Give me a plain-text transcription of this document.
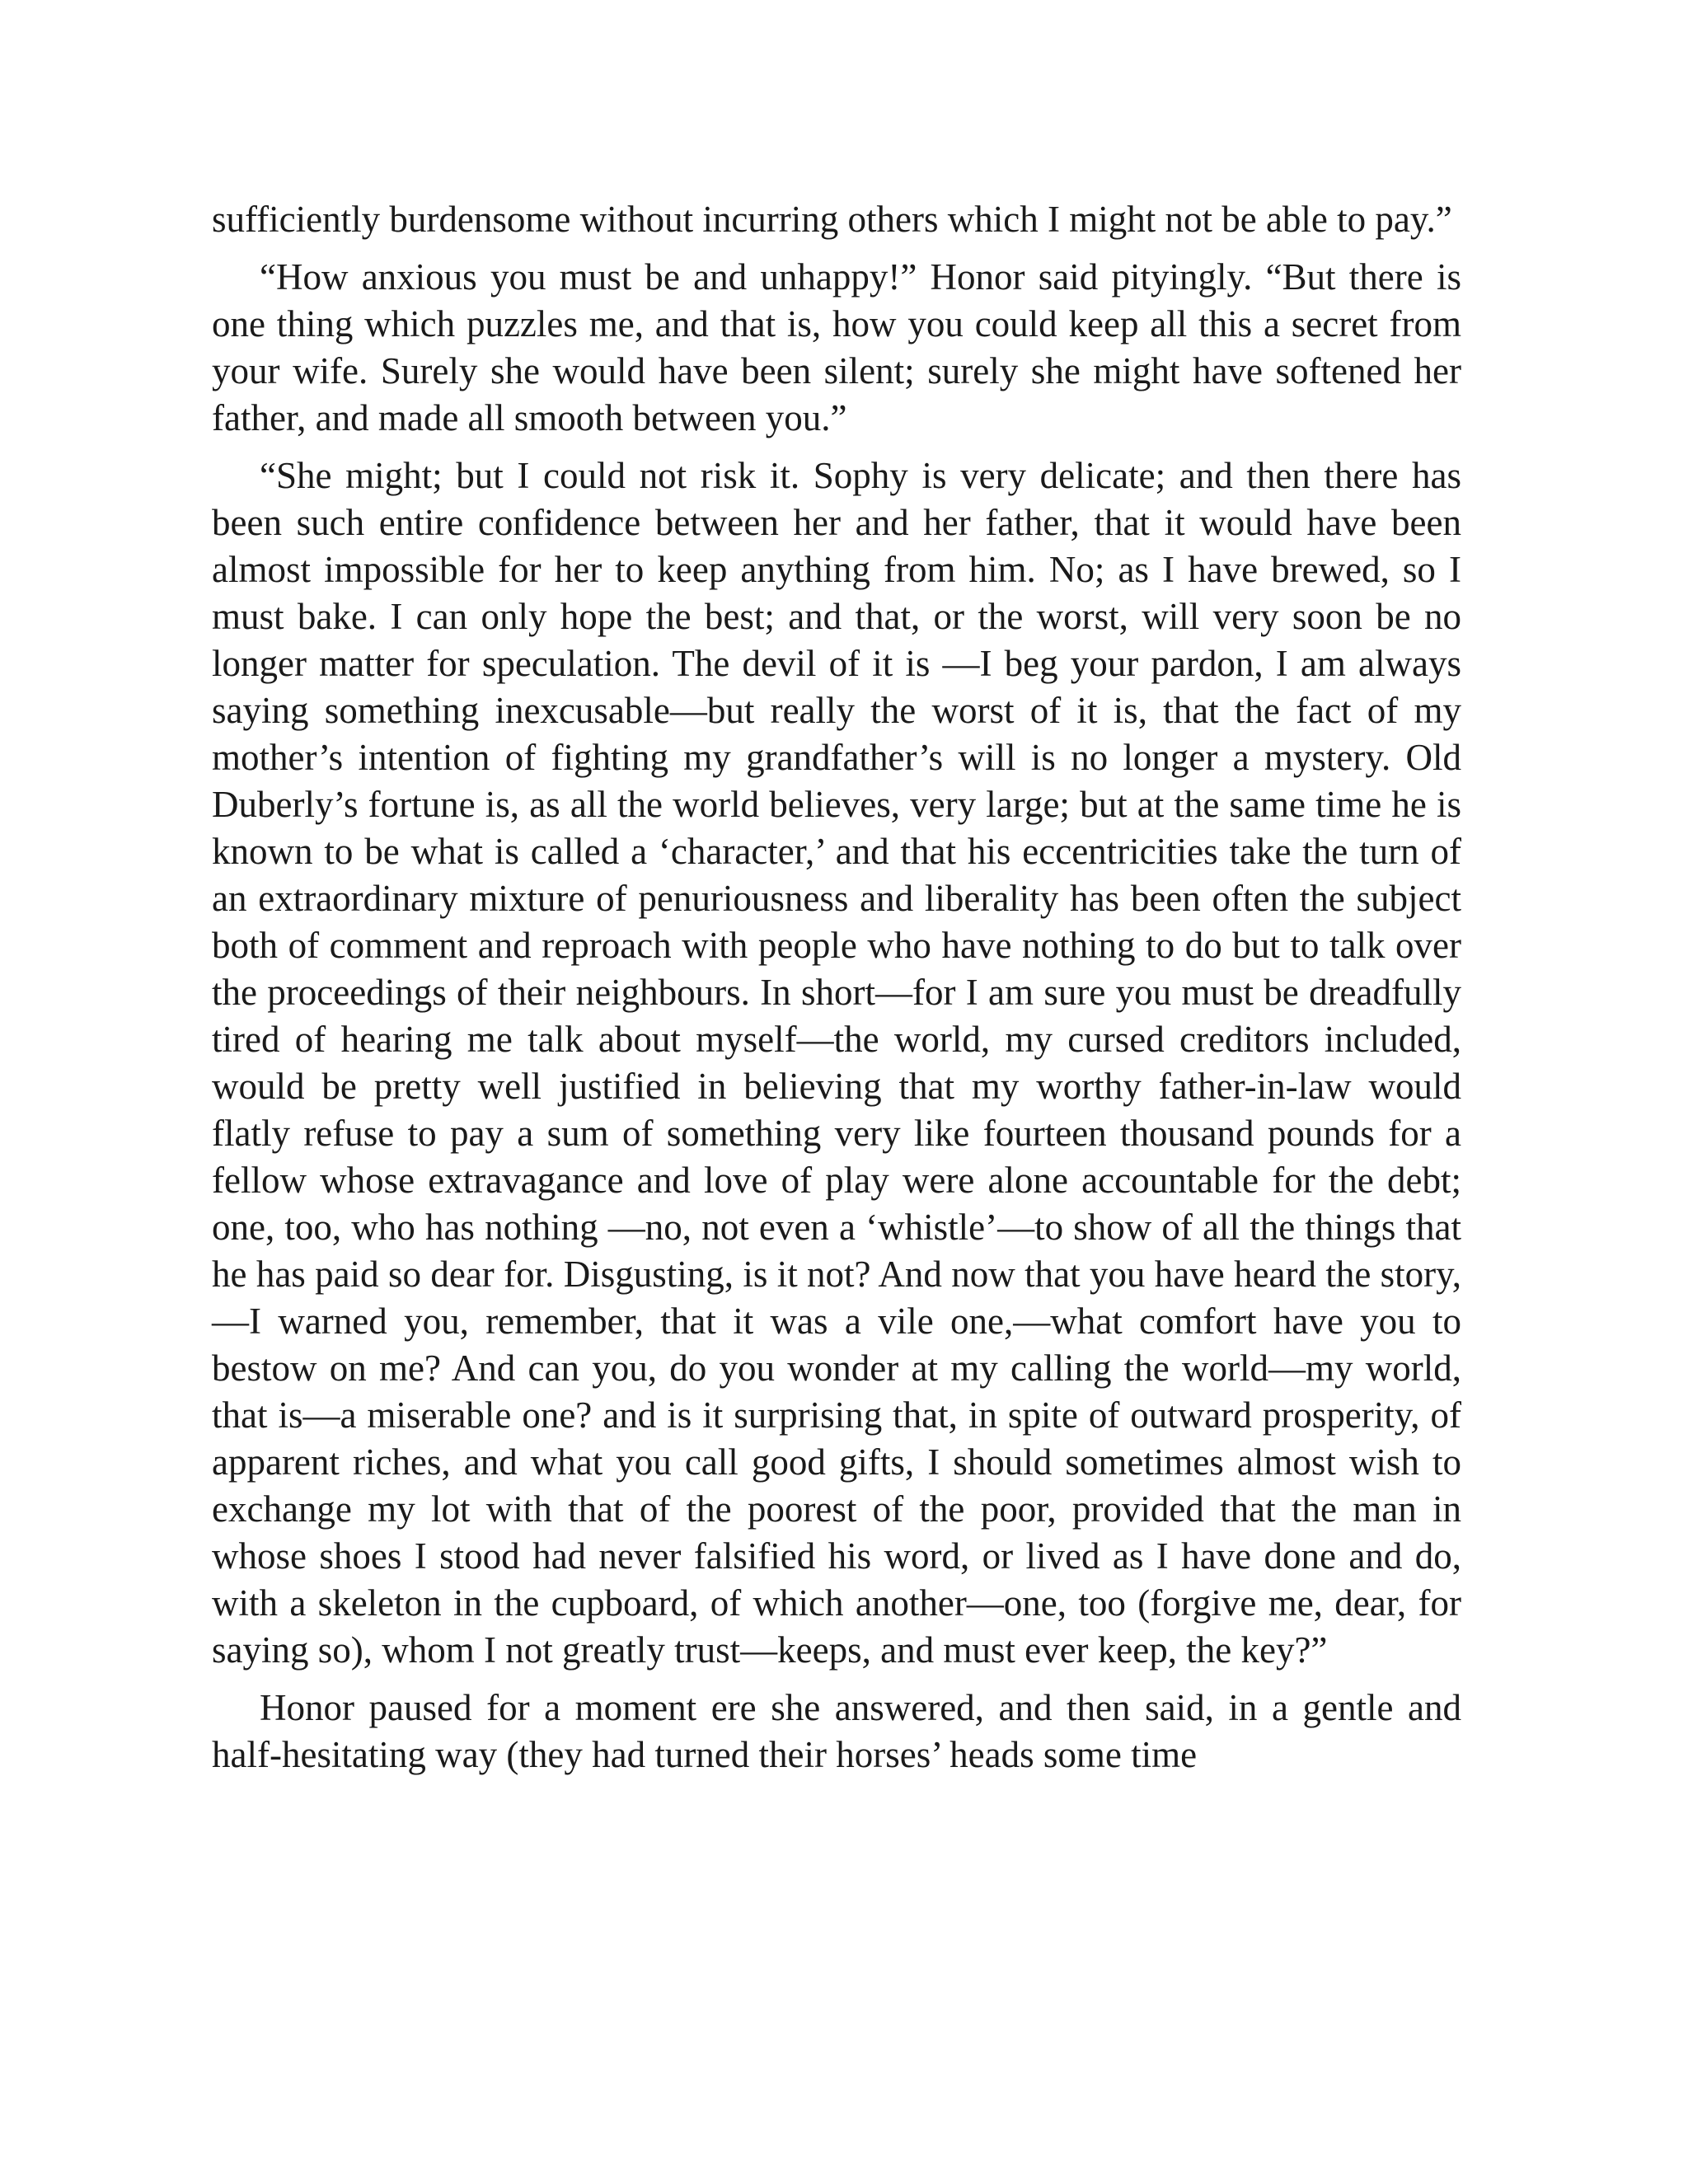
sufficiently burdensome without incurring others which I might not be able to pay.”

“How anxious you must be and unhappy!” Honor said pityingly. “But there is one thing which puzzles me, and that is, how you could keep all this a secret from your wife. Surely she would have been silent; surely she might have softened her father, and made all smooth between you.”

“She might; but I could not risk it. Sophy is very delicate; and then there has been such entire confidence between her and her father, that it would have been almost impossible for her to keep anything from him. No; as I have brewed, so I must bake. I can only hope the best; and that, or the worst, will very soon be no longer matter for speculation. The devil of it is —I beg your pardon, I am always saying something inexcusable—but really the worst of it is, that the fact of my mother’s intention of fighting my grandfather’s will is no longer a mystery. Old Duberly’s fortune is, as all the world believes, very large; but at the same time he is known to be what is called a ‘character,’ and that his eccentricities take the turn of an extraordinary mixture of penuriousness and liberality has been often the subject both of comment and reproach with people who have nothing to do but to talk over the proceedings of their neighbours. In short—for I am sure you must be dreadfully tired of hearing me talk about myself—the world, my cursed creditors included, would be pretty well justified in believing that my worthy father-in-law would flatly refuse to pay a sum of something very like fourteen thousand pounds for a fellow whose extravagance and love of play were alone accountable for the debt; one, too, who has nothing —no, not even a ‘whistle’—to show of all the things that he has paid so dear for. Disgusting, is it not? And now that you have heard the story,—I warned you, remember, that it was a vile one,—what comfort have you to bestow on me? And can you, do you wonder at my calling the world—my world, that is—a miserable one? and is it surprising that, in spite of outward prosperity, of apparent riches, and what you call good gifts, I should sometimes almost wish to exchange my lot with that of the poorest of the poor, provided that the man in whose shoes I stood had never falsified his word, or lived as I have done and do, with a skeleton in the cupboard, of which another—one, too (forgive me, dear, for saying so), whom I not greatly trust—keeps, and must ever keep, the key?”

Honor paused for a moment ere she answered, and then said, in a gentle and half-hesitating way (they had turned their horses’ heads some time
